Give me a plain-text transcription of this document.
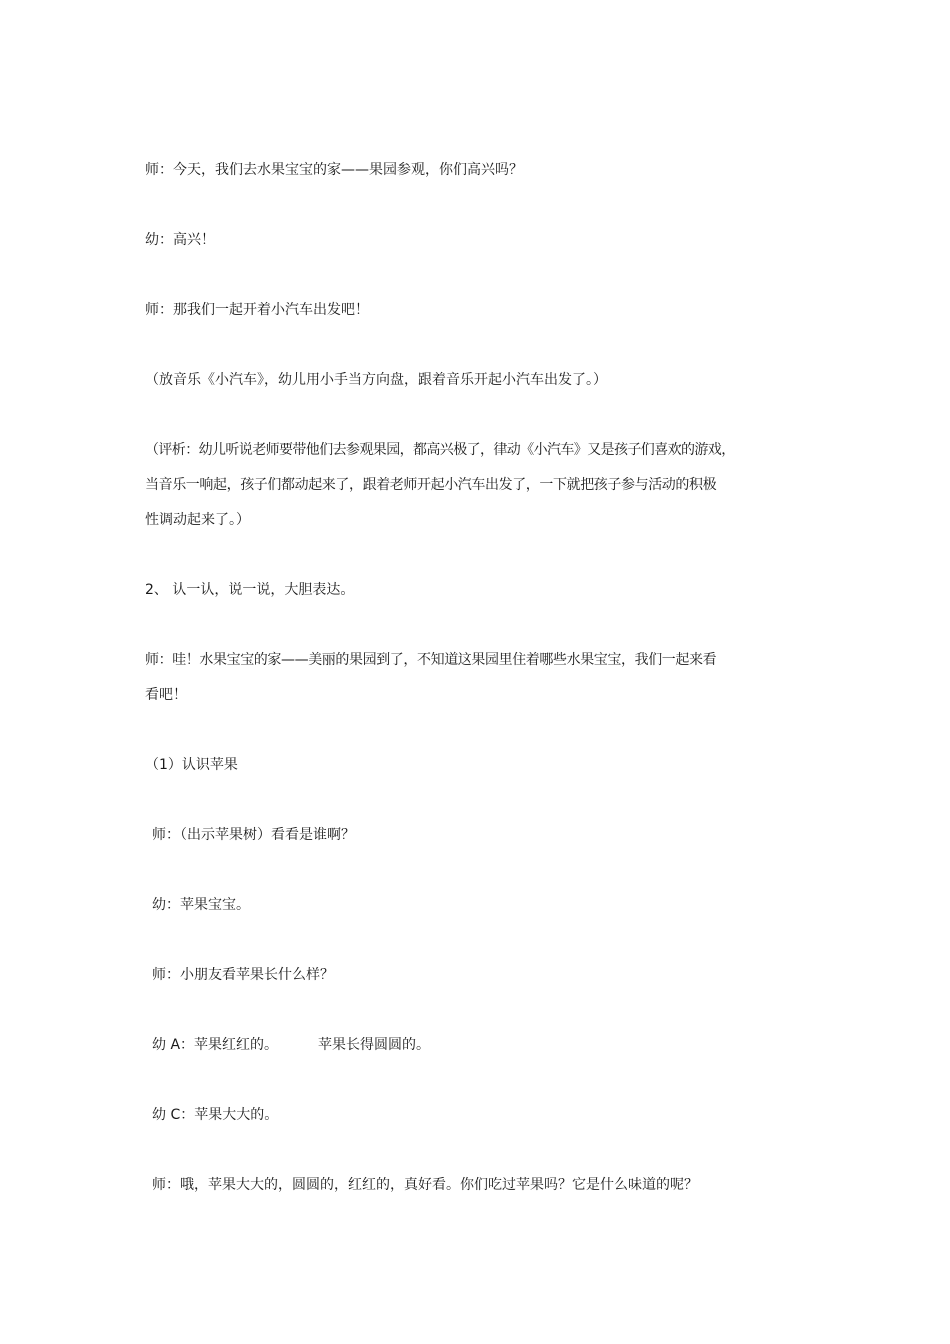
师：今天，我们去水果宝宝的家——果园参观，你们高兴吗？
幼：高兴！
师：那我们一起开着小汽车出发吧！
（放音乐《小汽车》，幼儿用小手当方向盘，跟着音乐开起小汽车出发了。）
（评析：幼儿听说老师要带他们去参观果园，都高兴极了，律动《小汽车》又是孩子们喜欢的游戏，
当音乐一响起，孩子们都动起来了，跟着老师开起小汽车出发了，一下就把孩子参与活动的积极
性调动起来了。）
2、 认一认，说一说，大胆表达。
师：哇！水果宝宝的家——美丽的果园到了，不知道这果园里住着哪些水果宝宝，我们一起来看
看吧！
（1）认识苹果
师：（出示苹果树）看看是谁啊？
幼：苹果宝宝。
师：小朋友看苹果长什么样？
幼 A：苹果红红的。	苹果长得圆圆的。
幼 C：苹果大大的。
师：哦，苹果大大的，圆圆的，红红的，真好看。你们吃过苹果吗？它是什么味道的呢？
